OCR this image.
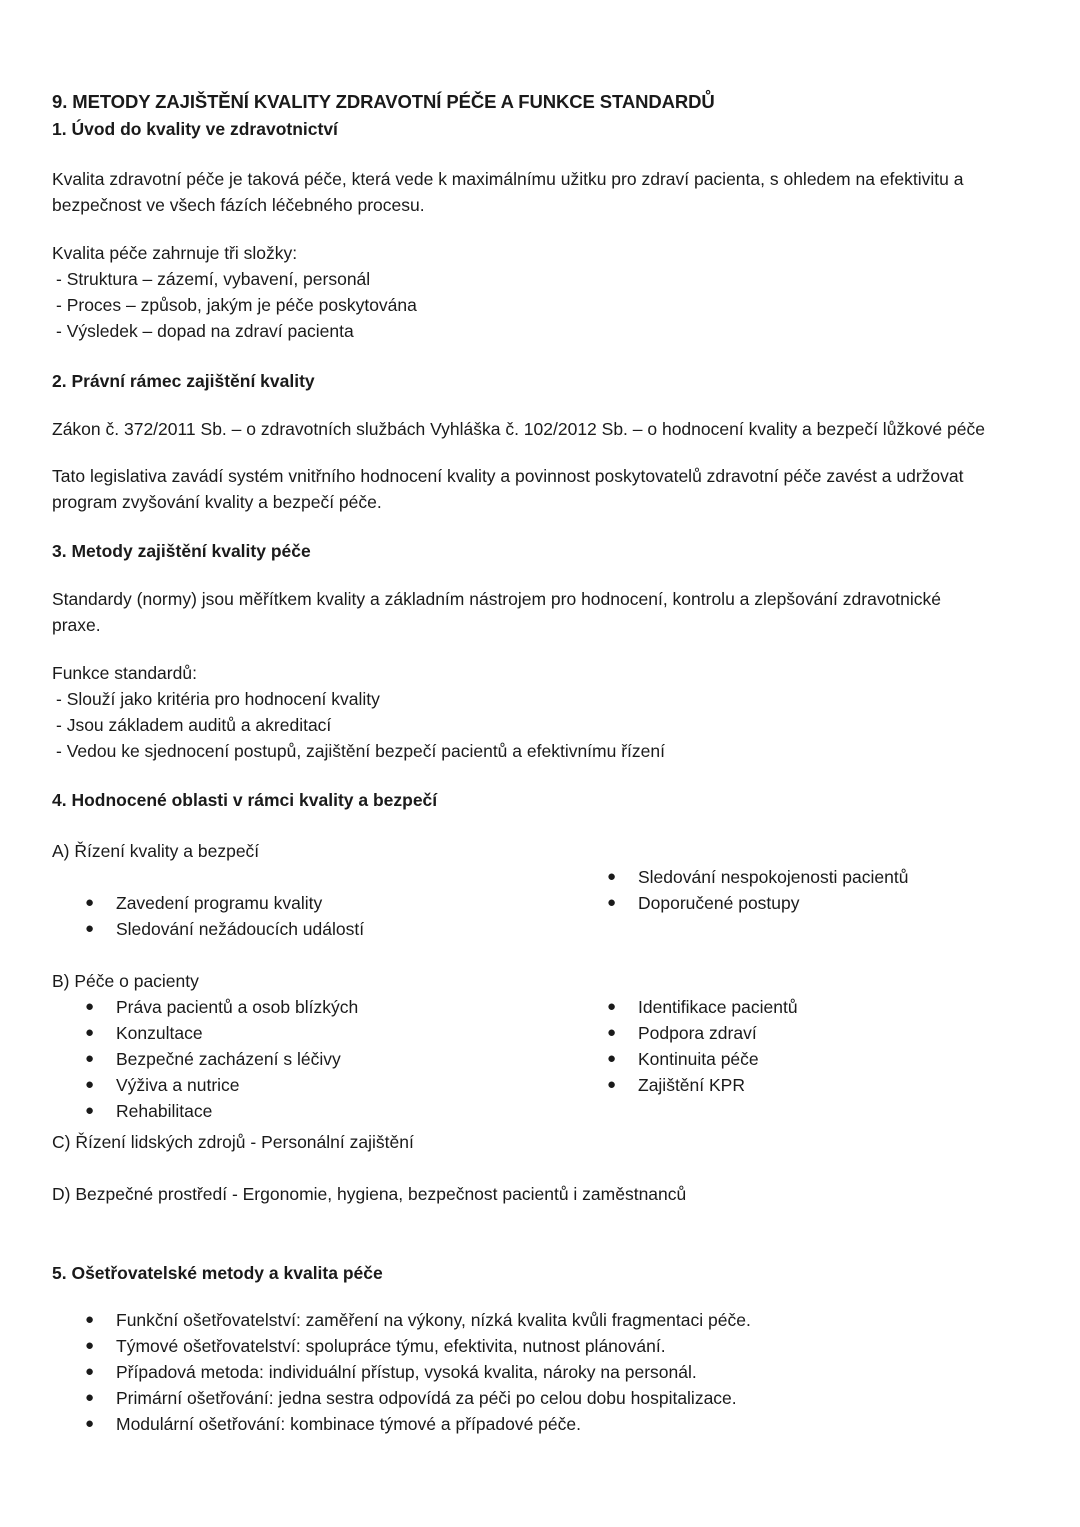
9. METODY ZAJIŠTĚNÍ KVALITY ZDRAVOTNÍ PÉČE A FUNKCE STANDARDŮ
1. Úvod do kvality ve zdravotnictví
Kvalita zdravotní péče je taková péče, která vede k maximálnímu užitku pro zdraví pacienta, s ohledem na efektivitu a
bezpečnost ve všech fázích léčebného procesu.
Kvalita péče zahrnuje tři složky:
- Struktura – zázemí, vybavení, personál
- Proces – způsob, jakým je péče poskytována
- Výsledek – dopad na zdraví pacienta
2. Právní rámec zajištění kvality
Zákon č. 372/2011 Sb. – o zdravotních službách Vyhláška č. 102/2012 Sb. – o hodnocení kvality a bezpečí lůžkové péče
Tato legislativa zavádí systém vnitřního hodnocení kvality a povinnost poskytovatelů zdravotní péče zavést a udržovat
program zvyšování kvality a bezpečí péče.
3. Metody zajištění kvality péče
Standardy (normy) jsou měřítkem kvality a základním nástrojem pro hodnocení, kontrolu a zlepšování zdravotnické
praxe.
Funkce standardů:
- Slouží jako kritéria pro hodnocení kvality
- Jsou základem auditů a akreditací
- Vedou ke sjednocení postupů, zajištění bezpečí pacientů a efektivnímu řízení
4. Hodnocené oblasti v rámci kvality a bezpečí
A) Řízení kvality a bezpečí
●	Zavedení programu kvality
●	Sledování nežádoucích událostí
●	Sledování nespokojenosti pacientů
●	Doporučené postupy
B) Péče o pacienty
●	Práva pacientů a osob blízkých
●	Konzultace
●	Bezpečné zacházení s léčivy
●	Výživa a nutrice
●	Rehabilitace
●	Identifikace pacientů
●	Podpora zdraví
●	Kontinuita péče
●	Zajištění KPR
C) Řízení lidských zdrojů - Personální zajištění
D) Bezpečné prostředí - Ergonomie, hygiena, bezpečnost pacientů i zaměstnanců
5. Ošetřovatelské metody a kvalita péče
●	Funkční ošetřovatelství: zaměření na výkony, nízká kvalita kvůli fragmentaci péče.
●	Týmové ošetřovatelství: spolupráce týmu, efektivita, nutnost plánování.
●	Případová metoda: individuální přístup, vysoká kvalita, nároky na personál.
●	Primární ošetřování: jedna sestra odpovídá za péči po celou dobu hospitalizace.
●	Modulární ošetřování: kombinace týmové a případové péče.
